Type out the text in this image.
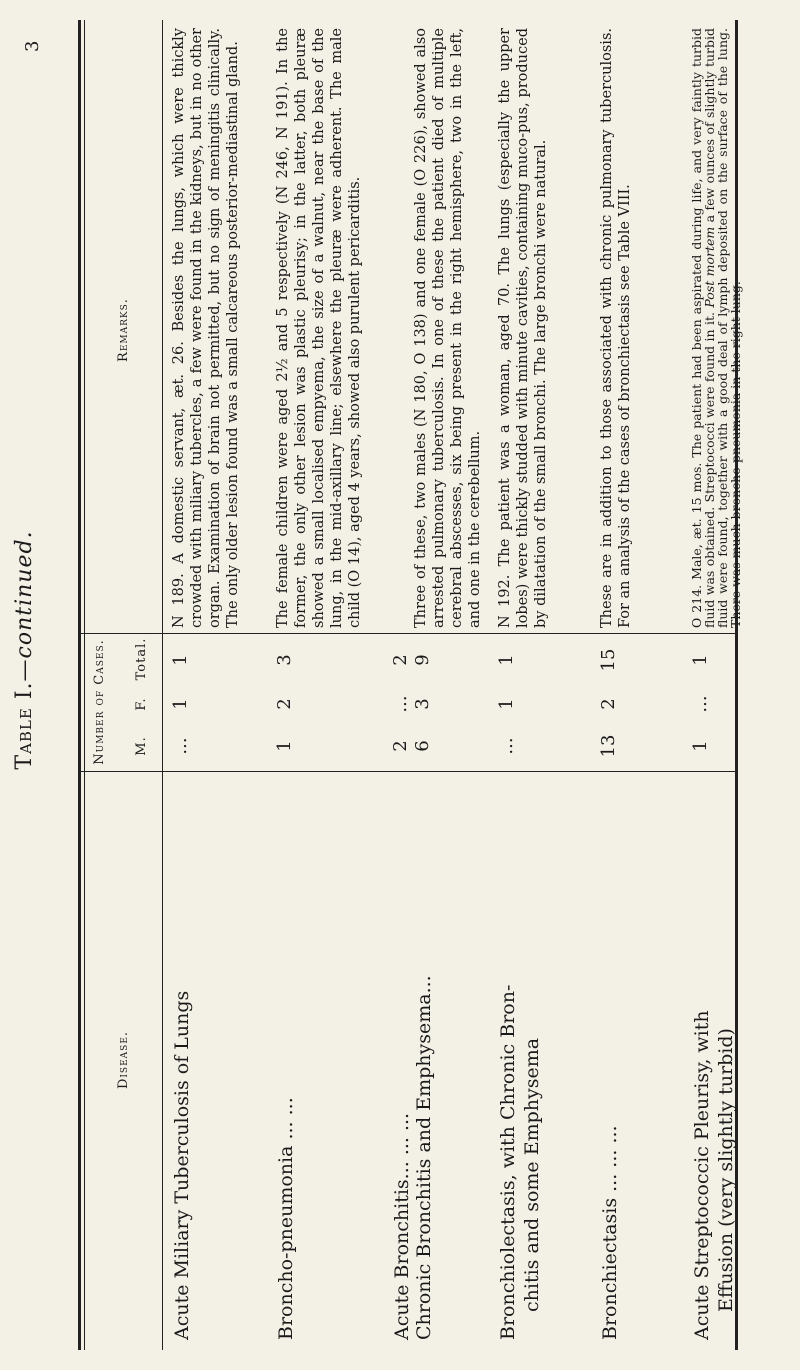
3
Table I.—continued.
Disease.
Number of Cases. M.
F.
Total.
Remarks.
Acute Miliary Tuberculosis of Lungs
...
1
1

N 189. A domestic servant, æt. 26. Besides the lungs, which were thickly crowded with miliary tubercles, a few were found in the kidneys, but in no other organ. Examination of brain not permitted, but no sign of meningitis clinically. The only older lesion found was a small calcareous posterior-mediastinal gland.

Broncho-pneumonia ... ...
1
2
3

The female children were aged 2½ and 5 respectively (N 246, N 191). In the former, the only other lesion was plastic pleurisy; in the latter, both pleuræ showed a small localised empyema, the size of a walnut, near the base of the lung, in the mid-axillary line; elsewhere the pleuræ were adherent. The male child (O 14), aged 4 years, showed also purulent pericarditis.

Acute Bronchitis... ... ...
2
...
2
Chronic Bronchitis and Emphysema...
6
3
9

Three of these, two males (N 180, O 138) and one female (O 226), showed also arrested pulmonary tuberculosis. In one of these the patient died of multiple cerebral abscesses, six being present in the right hemisphere, two in the left, and one in the cerebellum.

Bronchiolectasis, with Chronic Bron- chitis and some Emphysema
...
1
1

N 192. The patient was a woman, aged 70. The lungs (especially the upper lobes) were thickly studded with minute cavities, containing muco-pus, produced by dilatation of the small bronchi. The large bronchi were natural.

Bronchiectasis ... ... ...
13
2
15

These are in addition to those associated with chronic pulmonary tuberculosis. For an analysis of the cases of bronchiectasis see Table VIII.

Acute Streptococcic Pleurisy, with Effusion (very slightly turbid)
1
...
1

O 214. Male, æt. 15 mos. The patient had been aspirated during life, and very faintly turbid fluid was obtained. Streptococci were found in it. Post mortem a few ounces of slightly turbid fluid were found, together with a good deal of lymph deposited on the surface of the lung. There was much broncho-pneumonia in the right lung.
